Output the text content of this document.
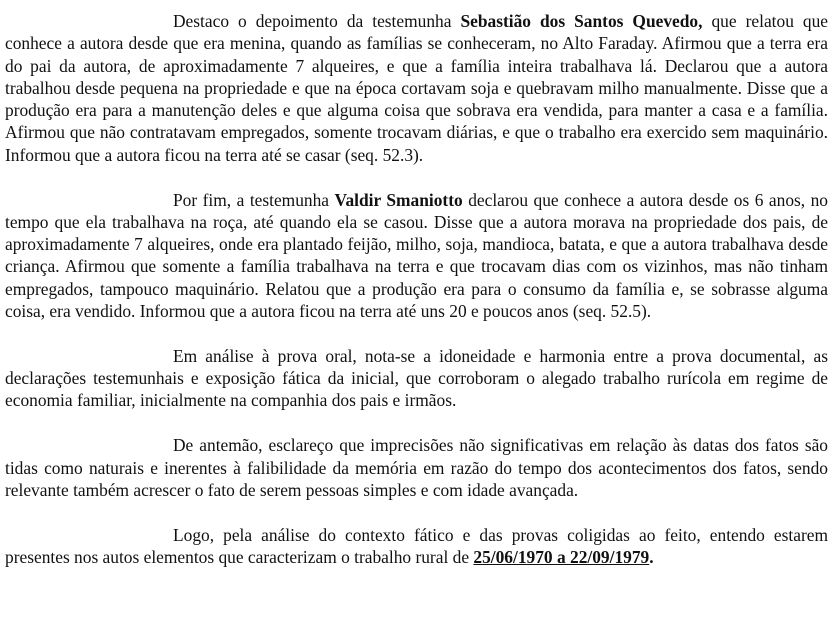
Destaco o depoimento da testemunha Sebastião dos Santos Quevedo, que relatou que conhece a autora desde que era menina, quando as famílias se conheceram, no Alto Faraday. Afirmou que a terra era do pai da autora, de aproximadamente 7 alqueires, e que a família inteira trabalhava lá. Declarou que a autora trabalhou desde pequena na propriedade e que na época cortavam soja e quebravam milho manualmente. Disse que a produção era para a manutenção deles e que alguma coisa que sobrava era vendida, para manter a casa e a família. Afirmou que não contratavam empregados, somente trocavam diárias, e que o trabalho era exercido sem maquinário. Informou que a autora ficou na terra até se casar (seq. 52.3).

Por fim, a testemunha Valdir Smaniotto declarou que conhece a autora desde os 6 anos, no tempo que ela trabalhava na roça, até quando ela se casou. Disse que a autora morava na propriedade dos pais, de aproximadamente 7 alqueires, onde era plantado feijão, milho, soja, mandioca, batata, e que a autora trabalhava desde criança. Afirmou que somente a família trabalhava na terra e que trocavam dias com os vizinhos, mas não tinham empregados, tampouco maquinário. Relatou que a produção era para o consumo da família e, se sobrasse alguma coisa, era vendido. Informou que a autora ficou na terra até uns 20 e poucos anos (seq. 52.5).

Em análise à prova oral, nota-se a idoneidade e harmonia entre a prova documental, as declarações testemunhais e exposição fática da inicial, que corroboram o alegado trabalho rurícola em regime de economia familiar, inicialmente na companhia dos pais e irmãos.

De antemão, esclareço que imprecisões não significativas em relação às datas dos fatos são tidas como naturais e inerentes à falibilidade da memória em razão do tempo dos acontecimentos dos fatos, sendo relevante também acrescer o fato de serem pessoas simples e com idade avançada.

Logo, pela análise do contexto fático e das provas coligidas ao feito, entendo estarem presentes nos autos elementos que caracterizam o trabalho rural de 25/06/1970 a 22/09/1979.
